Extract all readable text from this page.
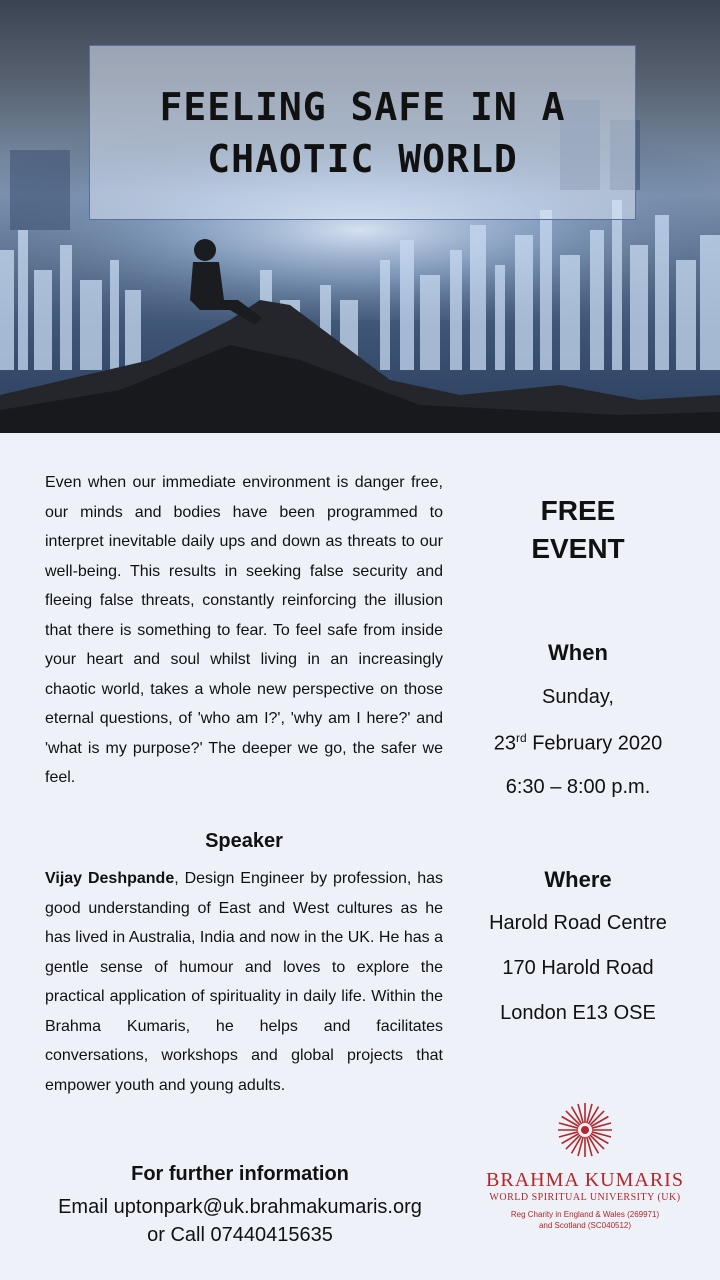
FEELING SAFE IN A
CHAOTIC WORLD

Even when our immediate environment is danger free, our minds and bodies have been programmed to interpret inevitable daily ups and down as threats to our well-being. This results in seeking false security and fleeing false threats, constantly reinforcing the illusion that there is something to fear. To feel safe from inside your heart and soul whilst living in an increasingly chaotic world, takes a whole new perspective on those eternal questions, of 'who am I?', 'why am I here?' and 'what is my purpose?' The deeper we go, the safer we feel.

Speaker

Vijay Deshpande, Design Engineer by profession, has good understanding of East and West cultures as he has lived in Australia, India and now in the UK. He has a gentle sense of humour and loves to explore the practical application of spirituality in daily life. Within the Brahma Kumaris, he helps and facilitates conversations, workshops and global projects that empower youth and young adults.

FREE
EVENT
When
Sunday,
23rd February 2020
6:30 – 8:00 p.m.
Where
Harold Road Centre
170 Harold Road
London E13 OSE
For further information
Email uptonpark@uk.brahmakumaris.org
or Call 07440415635
BRAHMA KUMARIS
WORLD SPIRITUAL UNIVERSITY (UK)
Reg Charity in England & Wales (269971)
and Scotland (SC040512)
